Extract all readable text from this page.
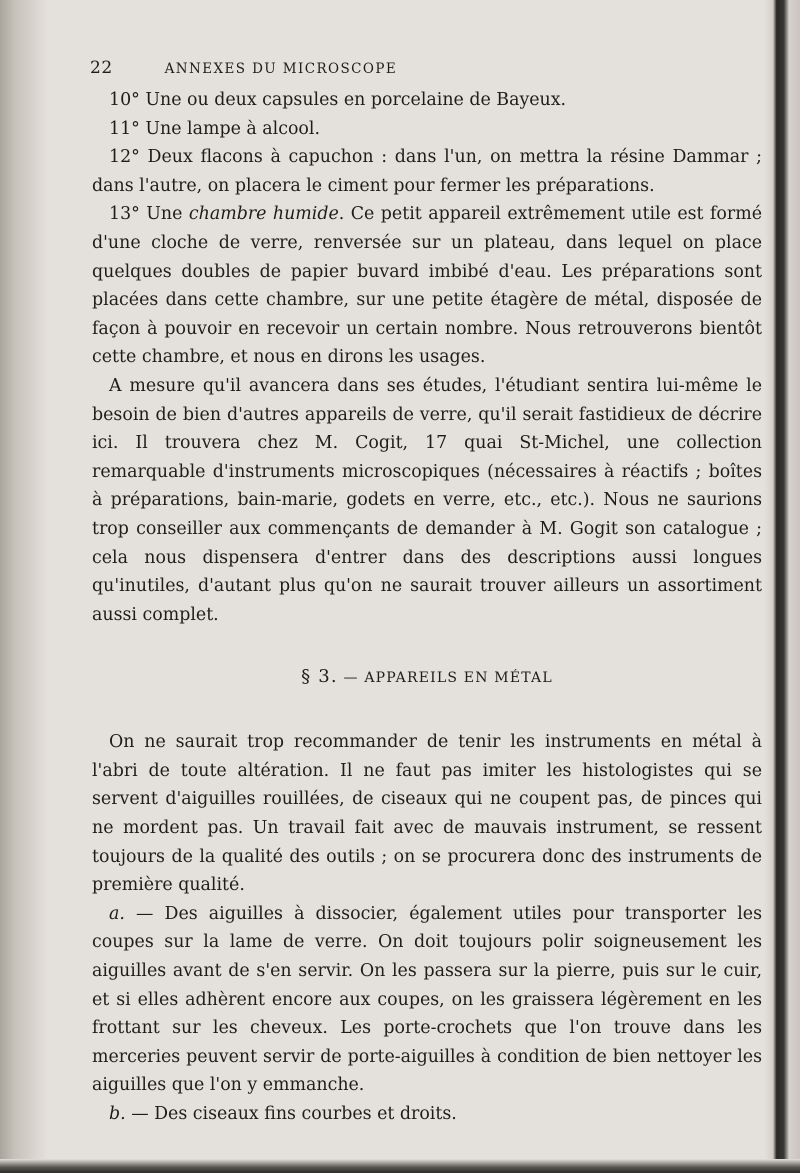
22	ANNEXES DU MICROSCOPE

10° Une ou deux capsules en porcelaine de Bayeux.

11° Une lampe à alcool.

12° Deux flacons à capuchon : dans l'un, on mettra la résine Dammar ; dans l'autre, on placera le ciment pour fermer les préparations.

13° Une chambre humide. Ce petit appareil extrêmement utile est formé d'une cloche de verre, renversée sur un plateau, dans lequel on place quelques doubles de papier buvard imbibé d'eau. Les préparations sont placées dans cette chambre, sur une petite étagère de métal, disposée de façon à pouvoir en recevoir un certain nombre. Nous retrouverons bientôt cette chambre, et nous en dirons les usages.

A mesure qu'il avancera dans ses études, l'étudiant sentira lui-même le besoin de bien d'autres appareils de verre, qu'il serait fastidieux de décrire ici. Il trouvera chez M. Cogit, 17 quai St-Michel, une collection remarquable d'instruments microscopiques (nécessaires à réactifs ; boîtes à préparations, bain-marie, godets en verre, etc., etc.). Nous ne saurions trop conseiller aux commençants de demander à M. Gogit son catalogue ; cela nous dispensera d'entrer dans des descriptions aussi longues qu'inutiles, d'autant plus qu'on ne saurait trouver ailleurs un assortiment aussi complet.

§ 3. — APPAREILS EN MÉTAL

On ne saurait trop recommander de tenir les instruments en métal à l'abri de toute altération. Il ne faut pas imiter les histologistes qui se servent d'aiguilles rouillées, de ciseaux qui ne coupent pas, de pinces qui ne mordent pas. Un travail fait avec de mauvais instrument, se ressent toujours de la qualité des outils ; on se procurera donc des instruments de première qualité.

a. — Des aiguilles à dissocier, également utiles pour transporter les coupes sur la lame de verre. On doit toujours polir soigneusement les aiguilles avant de s'en servir. On les passera sur la pierre, puis sur le cuir, et si elles adhèrent encore aux coupes, on les graissera légèrement en les frottant sur les cheveux. Les porte-crochets que l'on trouve dans les merceries peuvent servir de porte-aiguilles à condition de bien nettoyer les aiguilles que l'on y emmanche.

b. — Des ciseaux fins courbes et droits.
